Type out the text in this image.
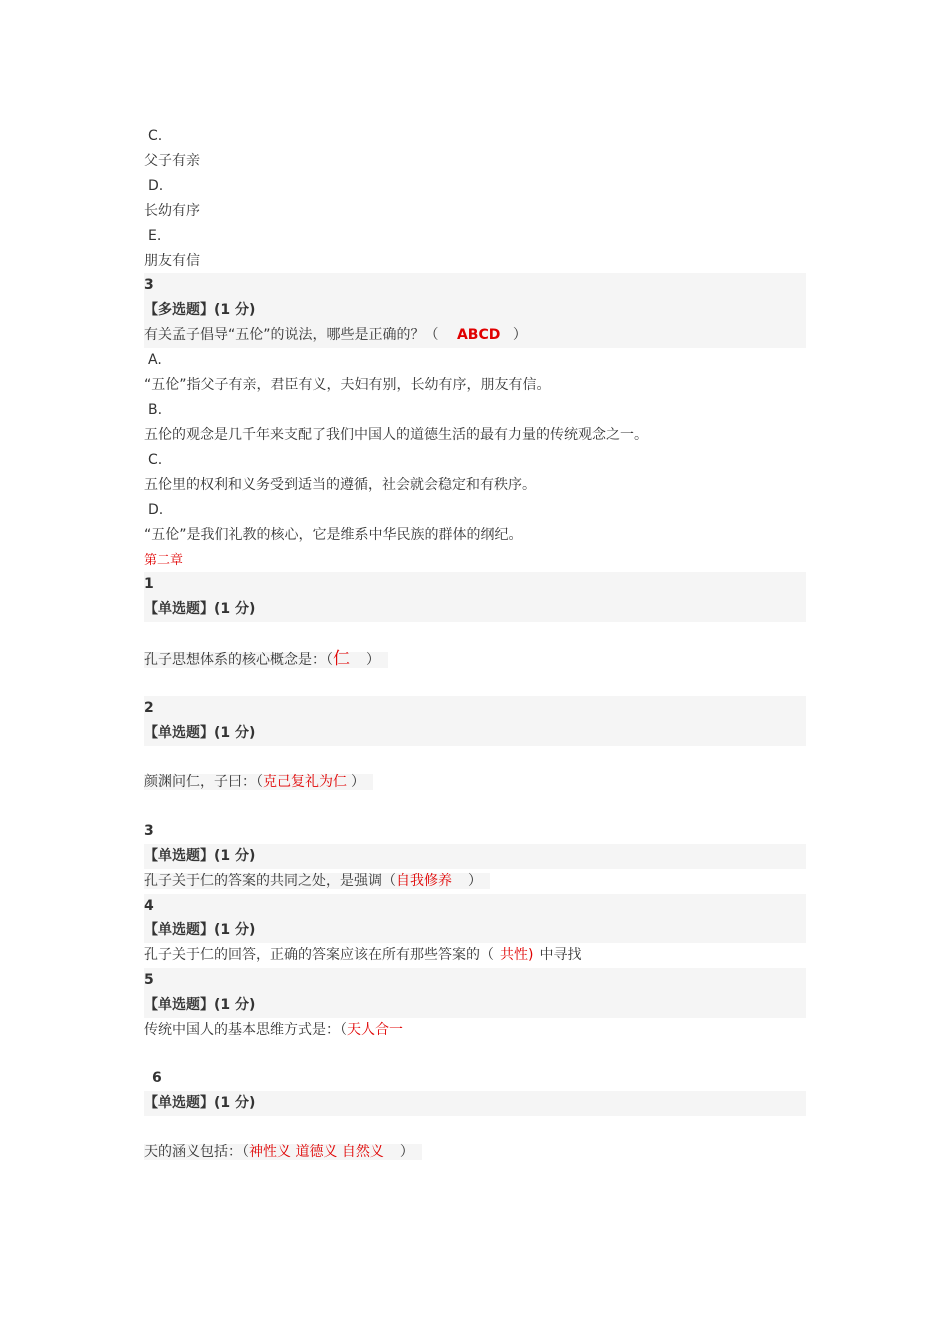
C.
父子有亲
D.
长幼有序
E.
朋友有信
3
【多选题】(1 分)
有关孟子倡导“五伦”的说法，哪些是正确的？（ ABCD ）
A.
“五伦”指父子有亲，君臣有义，夫妇有别，长幼有序，朋友有信。
B.
五伦的观念是几千年来支配了我们中国人的道德生活的最有力量的传统观念之一。
C.
五伦里的权利和义务受到适当的遵循，社会就会稳定和有秩序。
D.
“五伦”是我们礼教的核心，它是维系中华民族的群体的纲纪。
第二章
1
【单选题】(1 分)
孔子思想体系的核心概念是：（仁 ）
2
【单选题】(1 分)
颜渊问仁，子曰：（克己复礼为仁 ）
3
【单选题】(1 分)
孔子关于仁的答案的共同之处，是强调（自我修养 ）
4
【单选题】(1 分)
孔子关于仁的回答，正确的答案应该在所有那些答案的（ 共性) 中寻找
5
【单选题】(1 分)
传统中国人的基本思维方式是：（天人合一
6
【单选题】(1 分)
天的涵义包括：（神性义 道德义 自然义 ）
